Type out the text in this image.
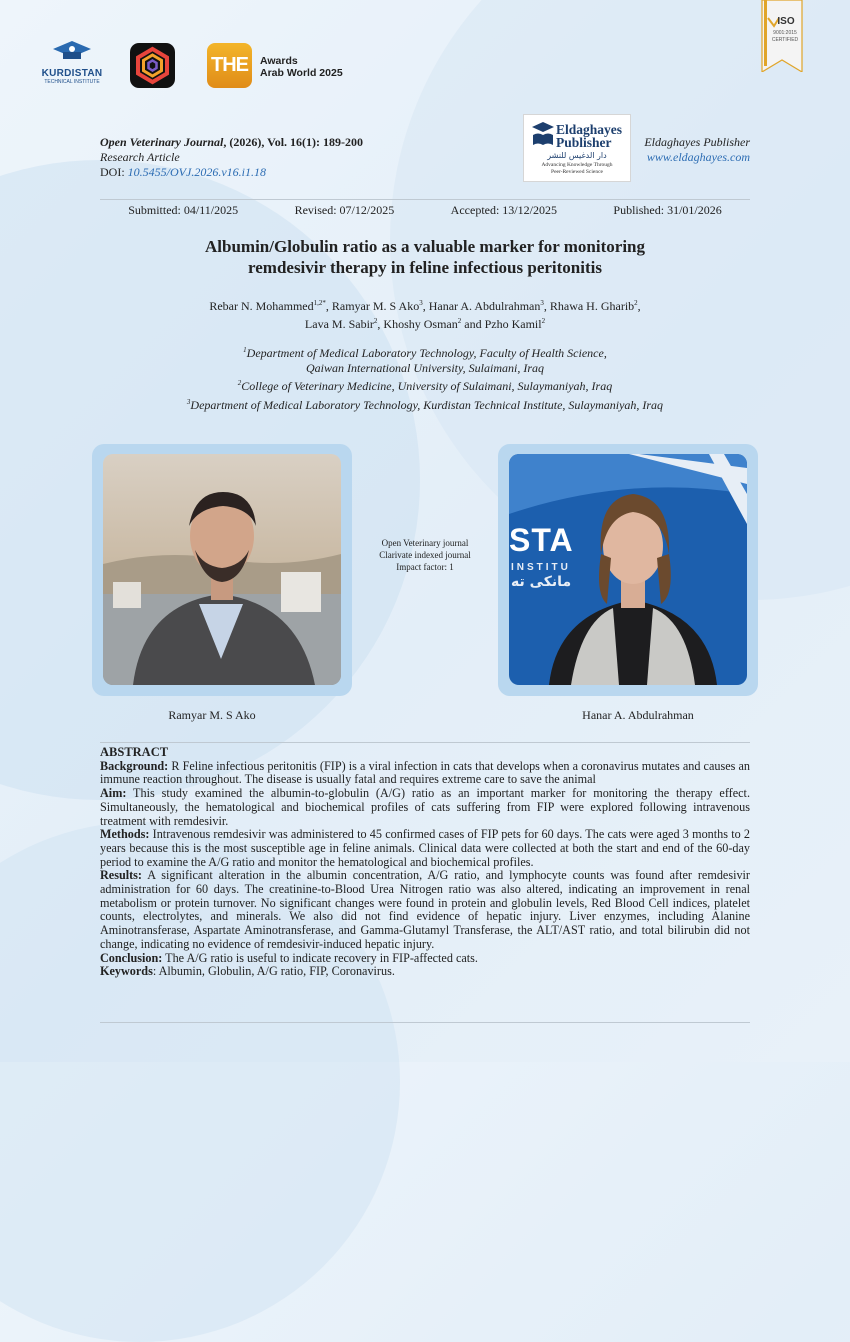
KURDISTAN
TECHNICAL INSTITUTE
THE	Awards
Arab World 2025
ISO
9001:2015
CERTIFIED
Open Veterinary Journal, (2026), Vol. 16(1): 189-200
Research Article
DOI: 10.5455/OVJ.2026.v16.i1.18
Eldaghayes
Publisher
دار الدغيس للنشر
Advancing Knowledge Through
Peer-Reviewed Science
Eldaghayes Publisher
www.eldaghayes.com
Submitted: 04/11/2025	Revised: 07/12/2025	Accepted: 13/12/2025	Published: 31/01/2026
Albumin/Globulin ratio as a valuable marker for monitoring
remdesivir therapy in feline infectious peritonitis
Rebar N. Mohammed$^{1,2*}$, Ramyar M. S Ako$^3$, Hanar A. Abdulrahman$^3$, Rhawa H. Gharib$^2$,
Lava M. Sabir$^2$, Khoshy Osman$^2$ and Pzho Kamil$^2$
$^1$Department of Medical Laboratory Technology, Faculty of Health Science,
Qaiwan International University, Sulaimani, Iraq
$^2$College of Veterinary Medicine, University of Sulaimani, Sulaymaniyah, Iraq
$^3$Department of Medical Laboratory Technology, Kurdistan Technical Institute, Sulaymaniyah, Iraq
Ramyar M. S Ako
Open Veterinary journal
Clarivate indexed journal
Impact factor: 1
STA
INSTITU
مانكى ته
Hanar A. Abdulrahman
ABSTRACT

Background: R Feline infectious peritonitis (FIP) is a viral infection in cats that develops when a coronavirus mutates and causes an immune reaction throughout. The disease is usually fatal and requires extreme care to save the animal

Aim: This study examined the albumin-to-globulin (A/G) ratio as an important marker for monitoring the therapy effect. Simultaneously, the hematological and biochemical profiles of cats suffering from FIP were explored following intravenous treatment with remdesivir.

Methods: Intravenous remdesivir was administered to 45 confirmed cases of FIP pets for 60 days. The cats were aged 3 months to 2 years because this is the most susceptible age in feline animals. Clinical data were collected at both the start and end of the 60-day period to examine the A/G ratio and monitor the hematological and biochemical profiles.

Results: A significant alteration in the albumin concentration, A/G ratio, and lymphocyte counts was found after remdesivir administration for 60 days. The creatinine-to-Blood Urea Nitrogen ratio was also altered, indicating an improvement in renal metabolism or protein turnover. No significant changes were found in protein and globulin levels, Red Blood Cell indices, platelet counts, electrolytes, and minerals. We also did not find evidence of hepatic injury. Liver enzymes, including Alanine Aminotransferase, Aspartate Aminotransferase, and Gamma-Glutamyl Transferase, the ALT/AST ratio, and total bilirubin did not change, indicating no evidence of remdesivir-induced hepatic injury.

Conclusion: The A/G ratio is useful to indicate recovery in FIP-affected cats.

Keywords: Albumin, Globulin, A/G ratio, FIP, Coronavirus.
